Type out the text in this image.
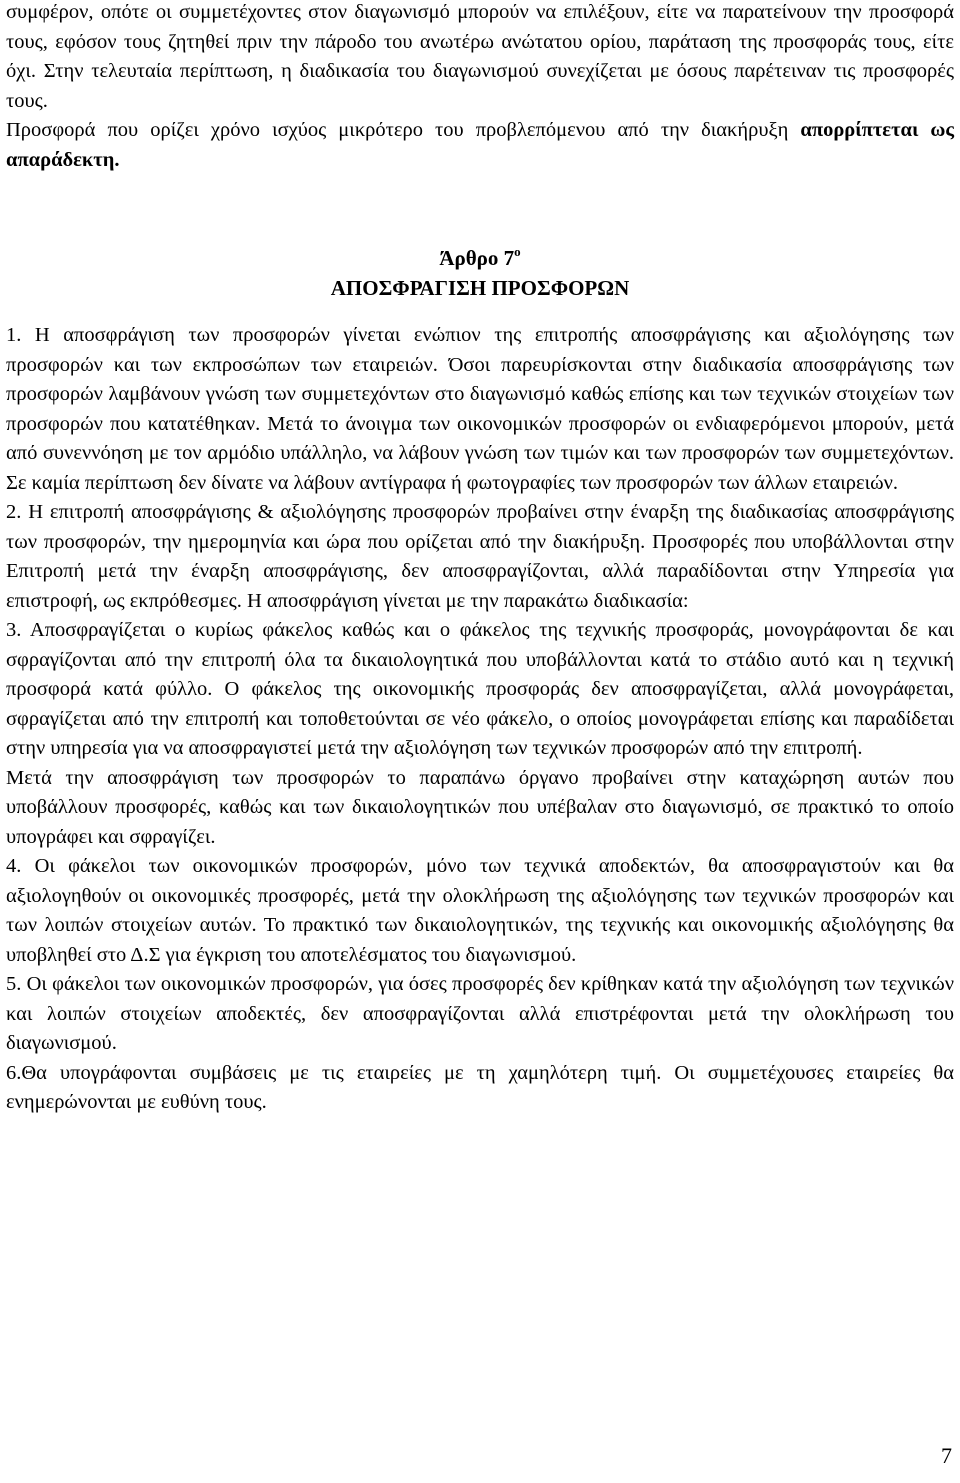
συμφέρον, οπότε οι συμμετέχοντες στον διαγωνισμό μπορούν να επιλέξουν, είτε να παρατείνουν την προσφορά τους, εφόσον τους ζητηθεί πριν την πάροδο του ανωτέρω ανώτατου ορίου, παράταση της προσφοράς τους, είτε όχι. Στην τελευταία περίπτωση, η διαδικασία του διαγωνισμού συνεχίζεται με όσους παρέτειναν τις προσφορές τους.

Προσφορά που ορίζει χρόνο ισχύος μικρότερο του προβλεπόμενου από την διακήρυξη απορρίπτεται ως απαράδεκτη.

Άρθρο $7^o$

ΑΠΟΣΦΡΑΓΙΣΗ ΠΡΟΣΦΟΡΩΝ

1. Η αποσφράγιση των προσφορών γίνεται ενώπιον της επιτροπής αποσφράγισης και αξιολόγησης των προσφορών και των εκπροσώπων των εταιρειών. Όσοι παρευρίσκονται στην διαδικασία αποσφράγισης των προσφορών λαμβάνουν γνώση των συμμετεχόντων στο διαγωνισμό καθώς επίσης και των τεχνικών στοιχείων των προσφορών που κατατέθηκαν. Μετά το άνοιγμα των οικονομικών προσφορών οι ενδιαφερόμενοι μπορούν, μετά από συνεννόηση με τον αρμόδιο υπάλληλο, να λάβουν γνώση των τιμών και των προσφορών των συμμετεχόντων. Σε καμία περίπτωση δεν δίνατε να λάβουν αντίγραφα ή φωτογραφίες των προσφορών των άλλων εταιρειών.

2. Η επιτροπή αποσφράγισης & αξιολόγησης προσφορών προβαίνει στην έναρξη της διαδικασίας αποσφράγισης των προσφορών, την ημερομηνία και ώρα που ορίζεται από την διακήρυξη. Προσφορές που υποβάλλονται στην Επιτροπή μετά την έναρξη αποσφράγισης, δεν αποσφραγίζονται, αλλά παραδίδονται στην Υπηρεσία για επιστροφή, ως εκπρόθεσμες. Η αποσφράγιση γίνεται με την παρακάτω διαδικασία:

3. Αποσφραγίζεται ο κυρίως φάκελος καθώς και ο φάκελος της τεχνικής προσφοράς, μονογράφονται δε και σφραγίζονται από την επιτροπή όλα τα δικαιολογητικά που υποβάλλονται κατά το στάδιο αυτό και η τεχνική προσφορά κατά φύλλο. Ο φάκελος της οικονομικής προσφοράς δεν αποσφραγίζεται, αλλά μονογράφεται, σφραγίζεται από την επιτροπή και τοποθετούνται σε νέο φάκελο, ο οποίος μονογράφεται επίσης και παραδίδεται στην υπηρεσία για να αποσφραγιστεί μετά την αξιολόγηση των τεχνικών προσφορών από την επιτροπή.

Μετά την αποσφράγιση των προσφορών το παραπάνω όργανο προβαίνει στην καταχώρηση αυτών που υποβάλλουν προσφορές, καθώς και των δικαιολογητικών που υπέβαλαν στο διαγωνισμό, σε πρακτικό το οποίο υπογράφει και σφραγίζει.

4. Οι φάκελοι των οικονομικών προσφορών, μόνο των τεχνικά αποδεκτών, θα αποσφραγιστούν και θα αξιολογηθούν οι οικονομικές προσφορές, μετά την ολοκλήρωση της αξιολόγησης των τεχνικών προσφορών και των λοιπών στοιχείων αυτών. Το πρακτικό των δικαιολογητικών, της τεχνικής και οικονομικής αξιολόγησης θα υποβληθεί στο Δ.Σ για έγκριση του αποτελέσματος του διαγωνισμού.

5. Οι φάκελοι των οικονομικών προσφορών, για όσες προσφορές δεν κρίθηκαν κατά την αξιολόγηση των τεχνικών και λοιπών στοιχείων αποδεκτές, δεν αποσφραγίζονται αλλά επιστρέφονται μετά την ολοκλήρωση του διαγωνισμού.

6.Θα υπογράφονται συμβάσεις με τις εταιρείες με τη χαμηλότερη τιμή. Οι συμμετέχουσες εταιρείες θα ενημερώνονται με ευθύνη τους.

7
